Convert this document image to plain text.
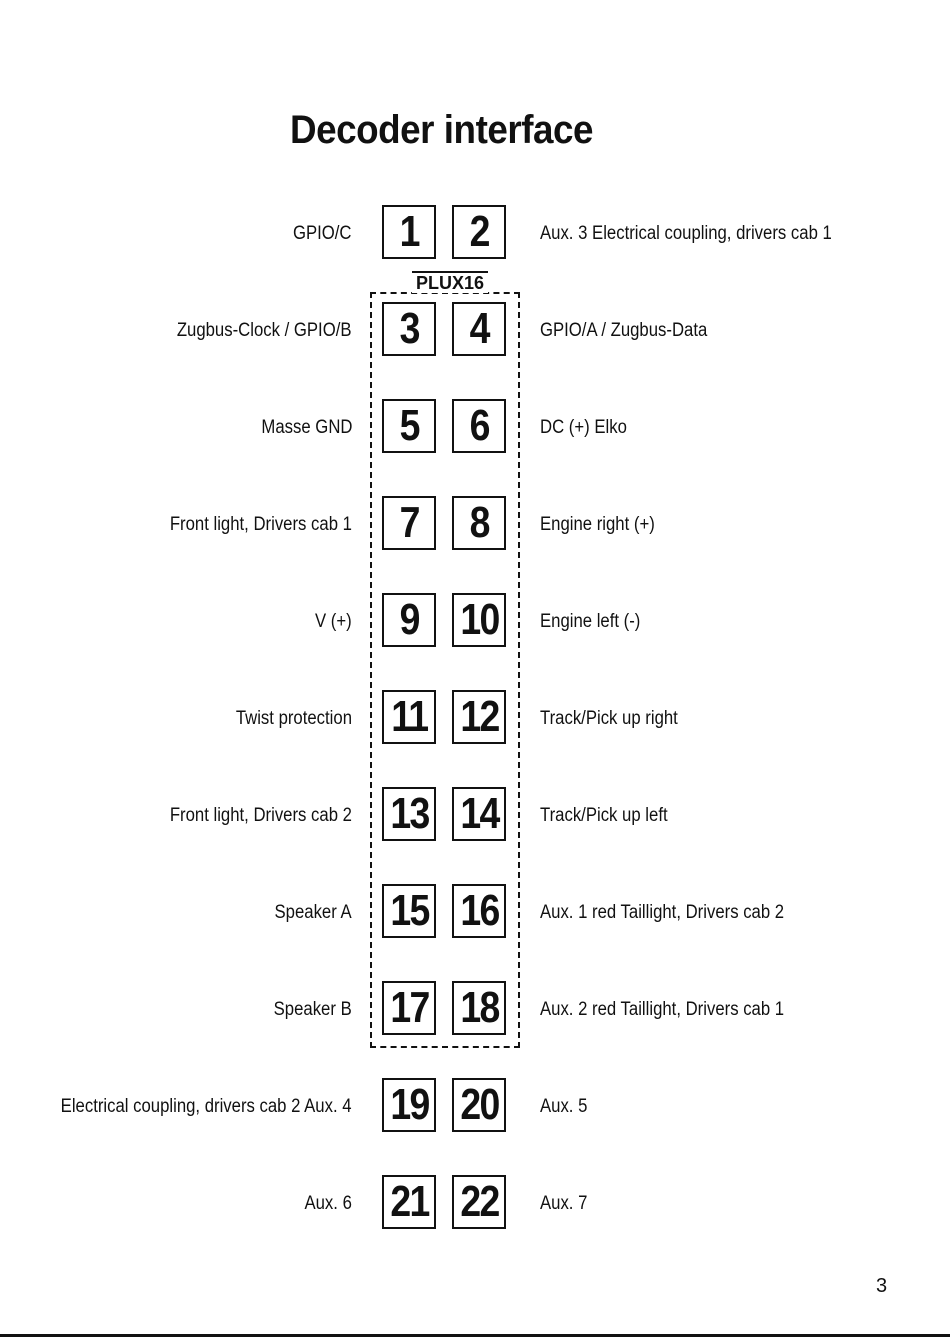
Decoder interface
PLUX16
GPIO/C 1 2	Aux. 3 Electrical coupling, drivers cab 1
Zugbus-Clock / GPIO/B 3 4	GPIO/A / Zugbus-Data
Masse GND 5 6	DC (+) Elko
Front light, Drivers cab 1 7 8	Engine right (+)
V (+) 9 10 Engine left (-)
Twist protection 11 12 Track/Pick up right
Front light, Drivers cab 2 13 14 Track/Pick up left
Speaker A 15 16 Aux. 1 red Taillight, Drivers cab 2
Speaker B 17 18 Aux. 2 red Taillight, Drivers cab 1
Electrical coupling, drivers cab 2 Aux. 4 19 20 Aux. 5
Aux. 6 21 22 Aux. 7
3
